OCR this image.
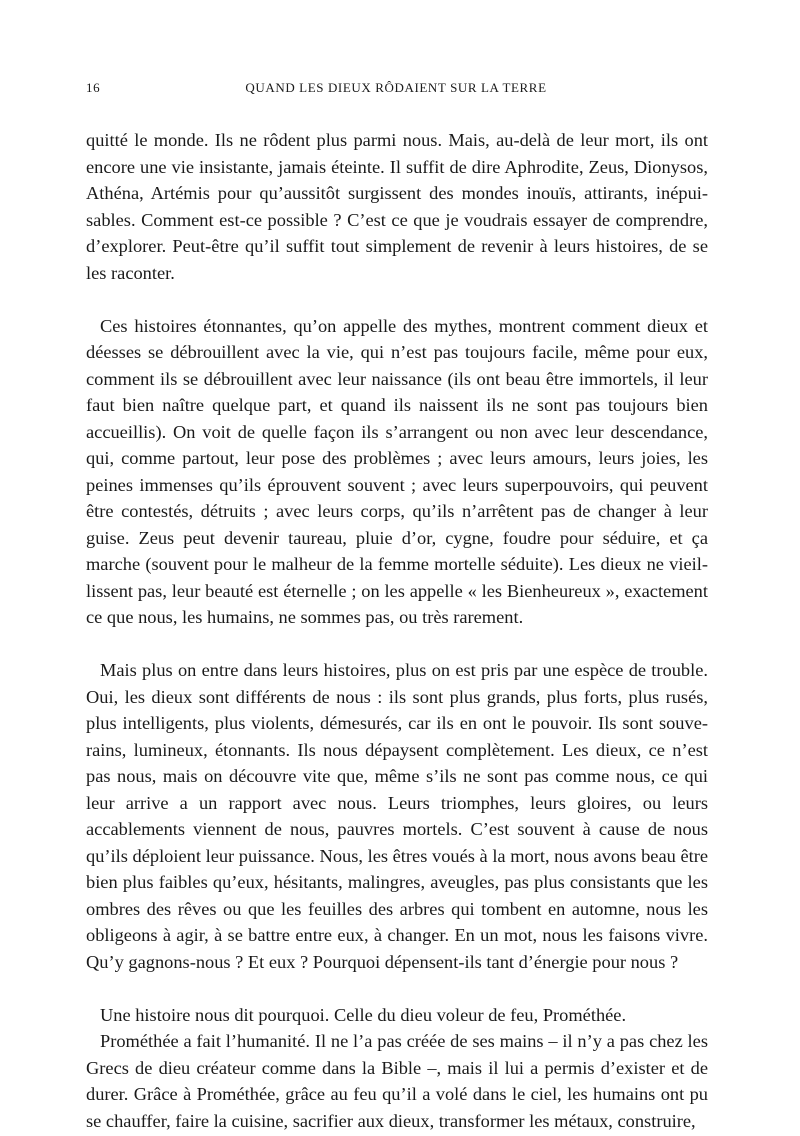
16	QUAND LES DIEUX RÔDAIENT SUR LA TERRE

quitté le monde. Ils ne rôdent plus parmi nous. Mais, au-delà de leur mort, ils ont encore une vie insistante, jamais éteinte. Il suffit de dire Aphrodite, Zeus, Dionysos, Athéna, Artémis pour qu’aussitôt surgissent des mondes inouïs, attirants, inépuisables. Comment est-ce possible ? C’est ce que je voudrais essayer de comprendre, d’explorer. Peut-être qu’il suffit tout simplement de revenir à leurs histoires, de se les raconter.

Ces histoires étonnantes, qu’on appelle des mythes, montrent comment dieux et déesses se débrouillent avec la vie, qui n’est pas toujours facile, même pour eux, comment ils se débrouillent avec leur naissance (ils ont beau être immortels, il leur faut bien naître quelque part, et quand ils naissent ils ne sont pas toujours bien accueillis). On voit de quelle façon ils s’arrangent ou non avec leur descendance, qui, comme partout, leur pose des problèmes ; avec leurs amours, leurs joies, les peines immenses qu’ils éprouvent souvent ; avec leurs superpouvoirs, qui peuvent être contestés, détruits ; avec leurs corps, qu’ils n’arrêtent pas de changer à leur guise. Zeus peut devenir taureau, pluie d’or, cygne, foudre pour séduire, et ça marche (souvent pour le malheur de la femme mortelle séduite). Les dieux ne vieillissent pas, leur beauté est éternelle ; on les appelle « les Bienheureux », exactement ce que nous, les humains, ne sommes pas, ou très rarement.

Mais plus on entre dans leurs histoires, plus on est pris par une espèce de trouble. Oui, les dieux sont différents de nous : ils sont plus grands, plus forts, plus rusés, plus intelligents, plus violents, démesurés, car ils en ont le pouvoir. Ils sont souverains, lumineux, étonnants. Ils nous dépaysent complètement. Les dieux, ce n’est pas nous, mais on découvre vite que, même s’ils ne sont pas comme nous, ce qui leur arrive a un rapport avec nous. Leurs triomphes, leurs gloires, ou leurs accablements viennent de nous, pauvres mortels. C’est souvent à cause de nous qu’ils déploient leur puissance. Nous, les êtres voués à la mort, nous avons beau être bien plus faibles qu’eux, hésitants, malingres, aveugles, pas plus consistants que les ombres des rêves ou que les feuilles des arbres qui tombent en automne, nous les obligeons à agir, à se battre entre eux, à changer. En un mot, nous les faisons vivre. Qu’y gagnons-nous ? Et eux ? Pourquoi dépensent-ils tant d’énergie pour nous ?

Une histoire nous dit pourquoi. Celle du dieu voleur de feu, Prométhée.

Prométhée a fait l’humanité. Il ne l’a pas créée de ses mains – il n’y a pas chez les Grecs de dieu créateur comme dans la Bible –, mais il lui a permis d’exister et de durer. Grâce à Prométhée, grâce au feu qu’il a volé dans le ciel, les humains ont pu se chauffer, faire la cuisine, sacrifier aux dieux, transformer les métaux, construire,
